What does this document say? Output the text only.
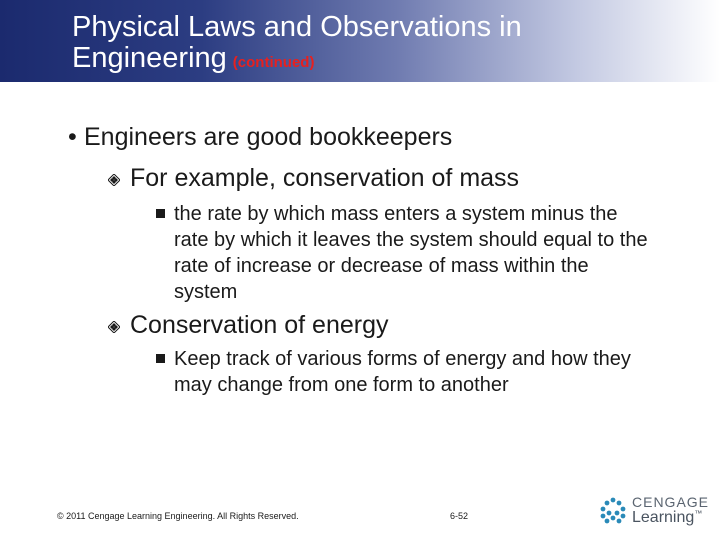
Physical Laws and Observations in
Engineering (continued)
• Engineers are good bookkeepers
For example, conservation of mass
the rate by which mass enters a system minus the rate by which it leaves the system should equal to the rate of increase or decrease of mass within the system
Conservation of energy
Keep track of various forms of energy and how they may change from one form to another
© 2011 Cengage Learning Engineering. All Rights Reserved.	6-52
CENGAGE
Learning™
